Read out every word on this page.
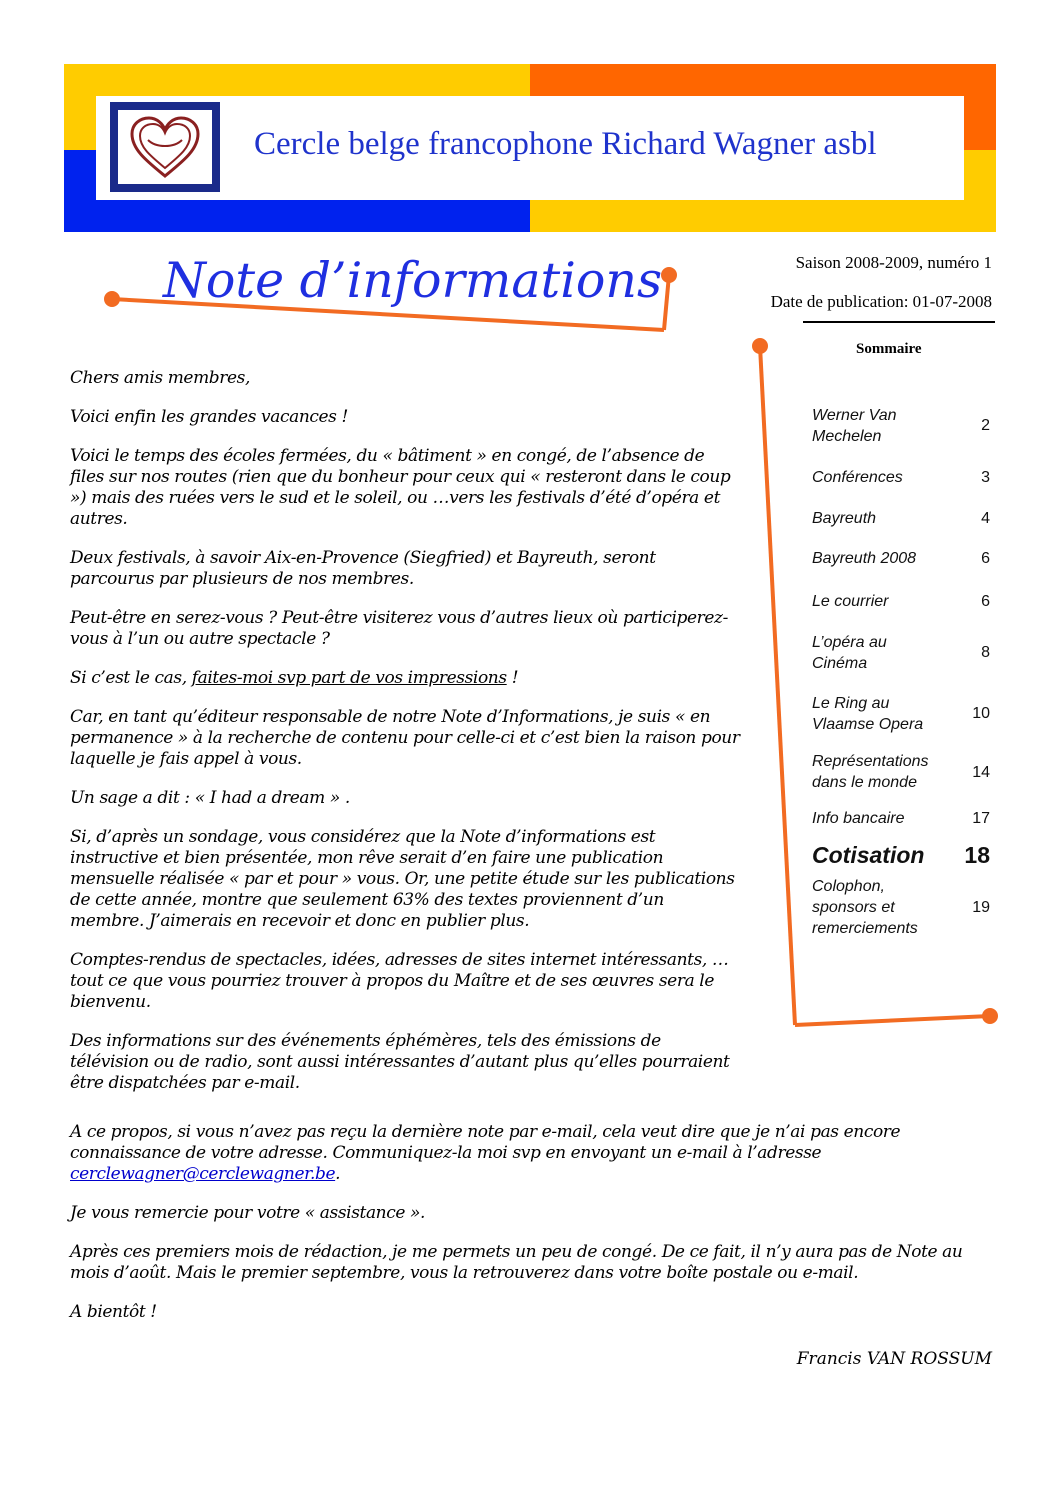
Cercle belge francophone Richard Wagner asbl
Note d’informations	Saison 2008-2009, numéro 1
Date de publication: 01-07-2008
Sommaire
2
Werner Van Mechelen
3
Conférences
4
Bayreuth
6
Bayreuth 2008
6
Le courrier
8
L’opéra au Cinéma
10
Le Ring au Vlaamse Opera
14
Représentations dans le monde
17
Info bancaire
18
Cotisation
19
Colophon, sponsors et remerciements

Chers amis membres,

Voici enfin les grandes vacances !

Voici le temps des écoles fermées, du « bâtiment » en congé, de l’absence de files sur nos routes (rien que du bonheur pour ceux qui « resteront dans le coup ») mais des ruées vers le sud et le soleil, ou …vers les festivals d’été d’opéra et autres.

Deux festivals, à savoir Aix-en-Provence (Siegfried) et Bayreuth, seront parcourus par plusieurs de nos membres.

Peut-être en serez-vous ? Peut-être visiterez vous d’autres lieux où participerez-vous à l’un ou autre spectacle ?

Si c’est le cas, faites-moi svp part de vos impressions !

Car, en tant qu’éditeur responsable de notre Note d’Informations, je suis « en permanence » à la recherche de contenu pour celle-ci et c’est bien la raison pour laquelle je fais appel à vous.

Un sage a dit : « I had a dream » .

Si, d’après un sondage, vous considérez que la Note d’informations est instructive et bien présentée, mon rêve serait d’en faire une publication mensuelle réalisée « par et pour » vous. Or, une petite étude sur les publications de cette année, montre que seulement 63% des textes proviennent d’un membre. J’aimerais en recevoir et donc en publier plus.

Comptes-rendus de spectacles, idées, adresses de sites internet intéressants, … tout ce que vous pourriez trouver à propos du Maître et de ses œuvres sera le bienvenu.

Des informations sur des événements éphémères, tels des émissions de télévision ou de radio, sont aussi intéressantes d’autant plus qu’elles pourraient être dispatchées par e-mail.

A ce propos, si vous n’avez pas reçu la dernière note par e-mail, cela veut dire que je n’ai pas encore connaissance de votre adresse. Communiquez-la moi svp en envoyant un e-mail à l’adresse cerclewagner@cerclewagner.be.

Je vous remercie pour votre « assistance ».

Après ces premiers mois de rédaction, je me permets un peu de congé. De ce fait, il n’y aura pas de Note au mois d’août. Mais le premier septembre, vous la retrouverez dans votre boîte postale ou e-mail.

A bientôt !

Francis VAN ROSSUM
